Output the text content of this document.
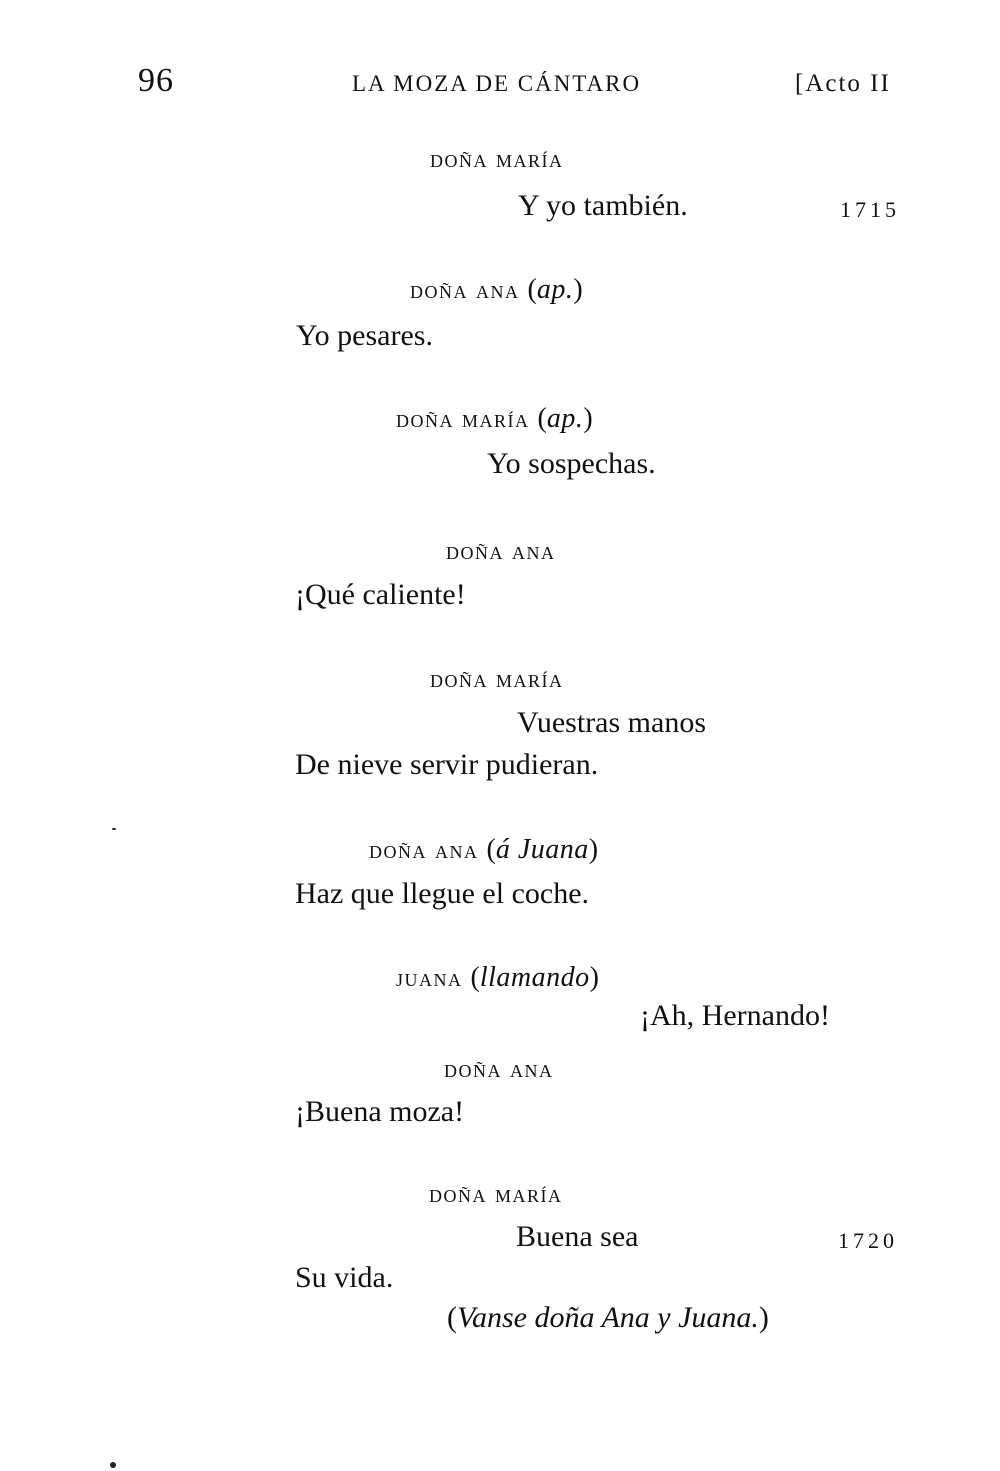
96	LA MOZA DE CÁNTARO	[Acto II
doña maría
Y yo también.	1715
doña ana (ap.)
Yo pesares.
doña maría (ap.)
Yo sospechas.
doña ana
¡Qué caliente!
doña maría
Vuestras manos
De nieve servir pudieran.
doña ana (á Juana)
Haz que llegue el coche.
juana (llamando)
¡Ah, Hernando!
doña ana
¡Buena moza!
doña maría
Buena sea	1720
Su vida.
(Vanse doña Ana y Juana.)
